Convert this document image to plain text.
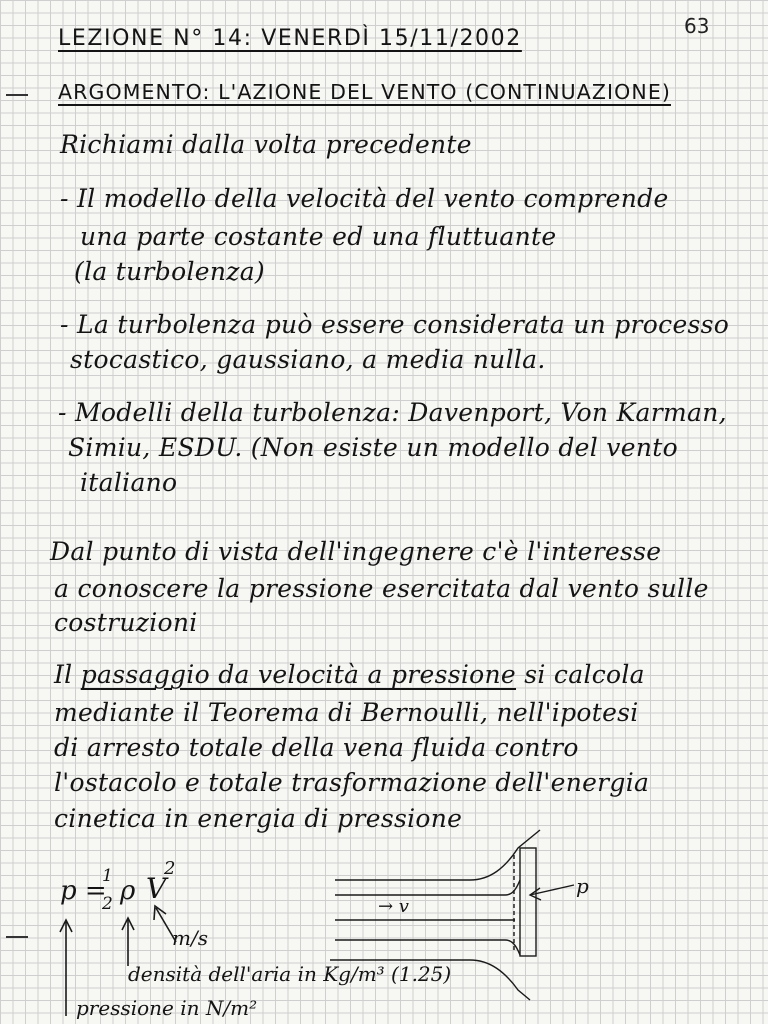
63
LEZIONE N° 14: VENERDÌ 15/11/2002
ARGOMENTO: L'AZIONE DEL VENTO (CONTINUAZIONE)
Richiami dalla volta precedente
- Il modello della velocità del vento comprende
una parte costante ed una fluttuante
(la turbolenza)
- La turbolenza può essere considerata un processo
stocastico, gaussiano, a media nulla.
- Modelli della turbolenza: Davenport, Von Karman,
Simiu, ESDU. (Non esiste un modello del vento
italiano
Dal punto di vista dell'ingegnere c'è l'interesse
a conoscere la pressione esercitata dal vento sulle
costruzioni
Il passaggio da velocità a pressione si calcola
mediante il Teorema di Bernoulli, nell'ipotesi
di arresto totale della vena fluida contro
l'ostacolo e totale trasformazione dell'energia
cinetica in energia di pressione
p =
1
2 ρ V
2
m/s
densità dell'aria in Kg/m³ (1.25)
pressione in N/m²
→ v
p
